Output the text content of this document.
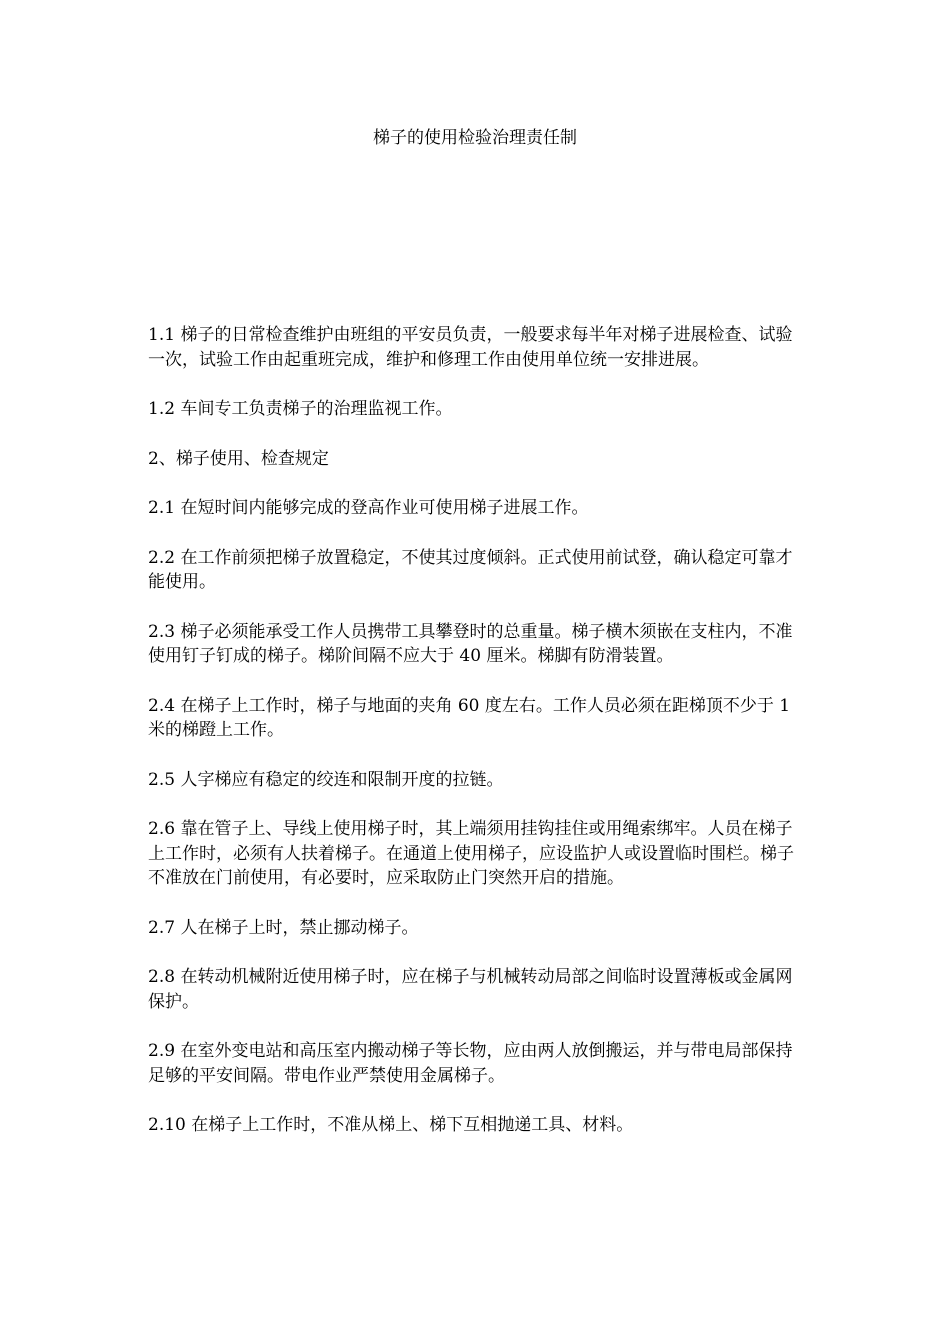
梯子的使用检验治理责任制

1.1 梯子的日常检查维护由班组的平安员负责，一般要求每半年对梯子进展检查、试验一次，试验工作由起重班完成，维护和修理工作由使用单位统一安排进展。

1.2 车间专工负责梯子的治理监视工作。

2、梯子使用、检查规定

2.1 在短时间内能够完成的登高作业可使用梯子进展工作。

2.2 在工作前须把梯子放置稳定，不使其过度倾斜。正式使用前试登，确认稳定可靠才能使用。

2.3 梯子必须能承受工作人员携带工具攀登时的总重量。梯子横木须嵌在支柱内，不准使用钉子钉成的梯子。梯阶间隔不应大于 40 厘米。梯脚有防滑装置。

2.4 在梯子上工作时，梯子与地面的夹角 60 度左右。工作人员必须在距梯顶不少于 1 米的梯蹬上工作。

2.5 人字梯应有稳定的绞连和限制开度的拉链。

2.6 靠在管子上、导线上使用梯子时，其上端须用挂钩挂住或用绳索绑牢。人员在梯子上工作时，必须有人扶着梯子。在通道上使用梯子，应设监护人或设置临时围栏。梯子不准放在门前使用，有必要时，应采取防止门突然开启的措施。

2.7 人在梯子上时，禁止挪动梯子。

2.8 在转动机械附近使用梯子时，应在梯子与机械转动局部之间临时设置薄板或金属网保护。

2.9 在室外变电站和高压室内搬动梯子等长物，应由两人放倒搬运，并与带电局部保持足够的平安间隔。带电作业严禁使用金属梯子。

2.10 在梯子上工作时，不准从梯上、梯下互相抛递工具、材料。
